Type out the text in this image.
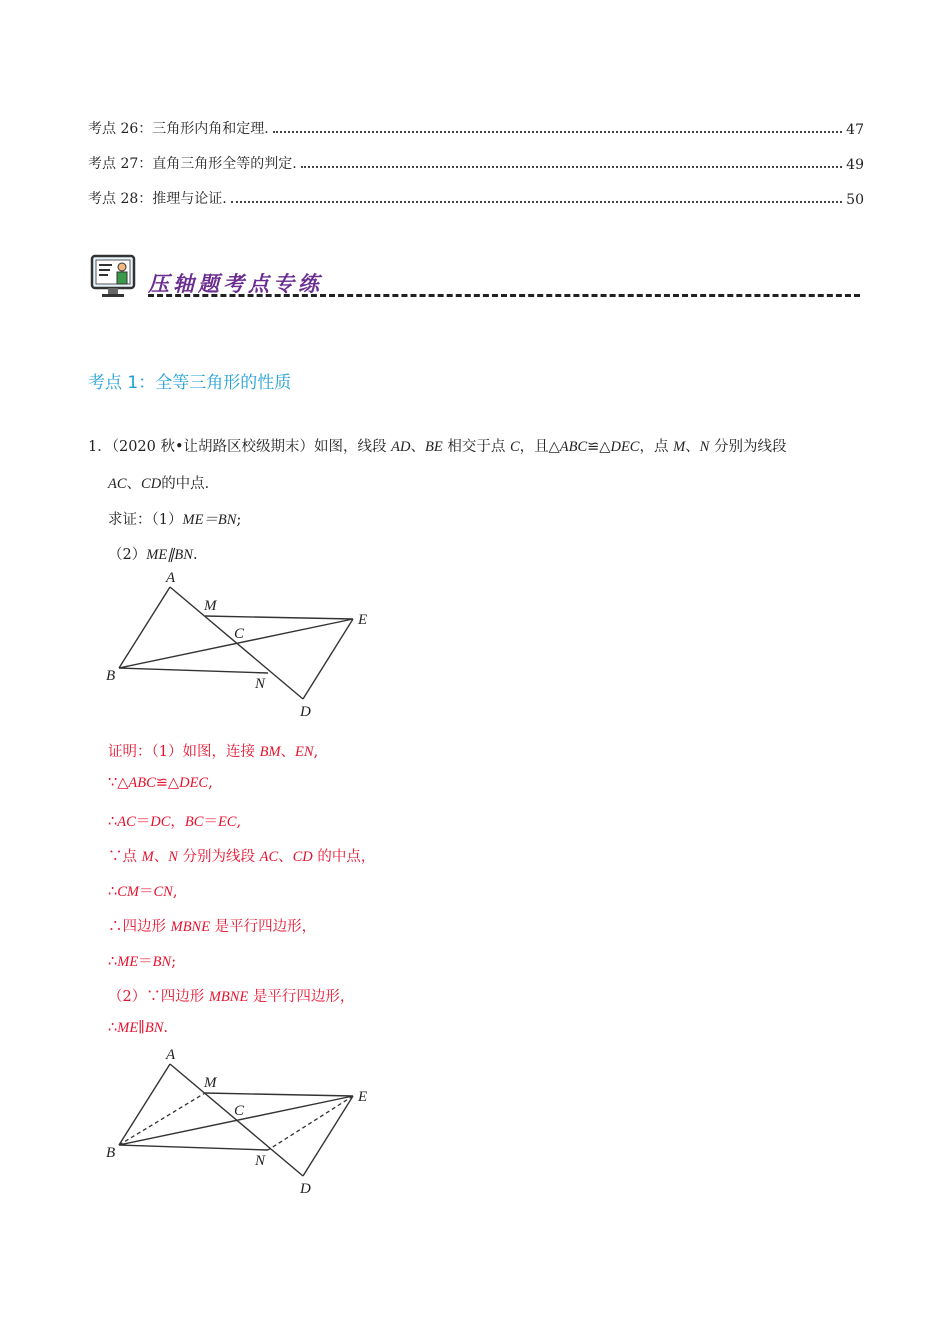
考点 26：三角形内角和定理.	47
考点 27：直角三角形全等的判定.	49
考点 28：推理与论证.	50
压轴题考点专练
考点 1：全等三角形的性质
1．（2020 秋•让胡路区校级期末）如图，线段 AD、BE 相交于点 C，且△ABC≌△DEC，点 M、N 分别为线段
AC、CD的中点．
求证：（1）ME＝BN;
（2）ME∥BN.
A
M
C
E
B	N
D
证明：（1）如图，连接 BM、EN,
∵△ABC≌△DEC,
∴AC＝DC，BC＝EC,
∵点 M、N 分别为线段 AC、CD 的中点，
∴CM＝CN,
∴四边形 MBNE 是平行四边形，
∴ME＝BN;
（2）∵四边形 MBNE 是平行四边形，
∴ME∥BN.
A
M
C
E
B	N
D
